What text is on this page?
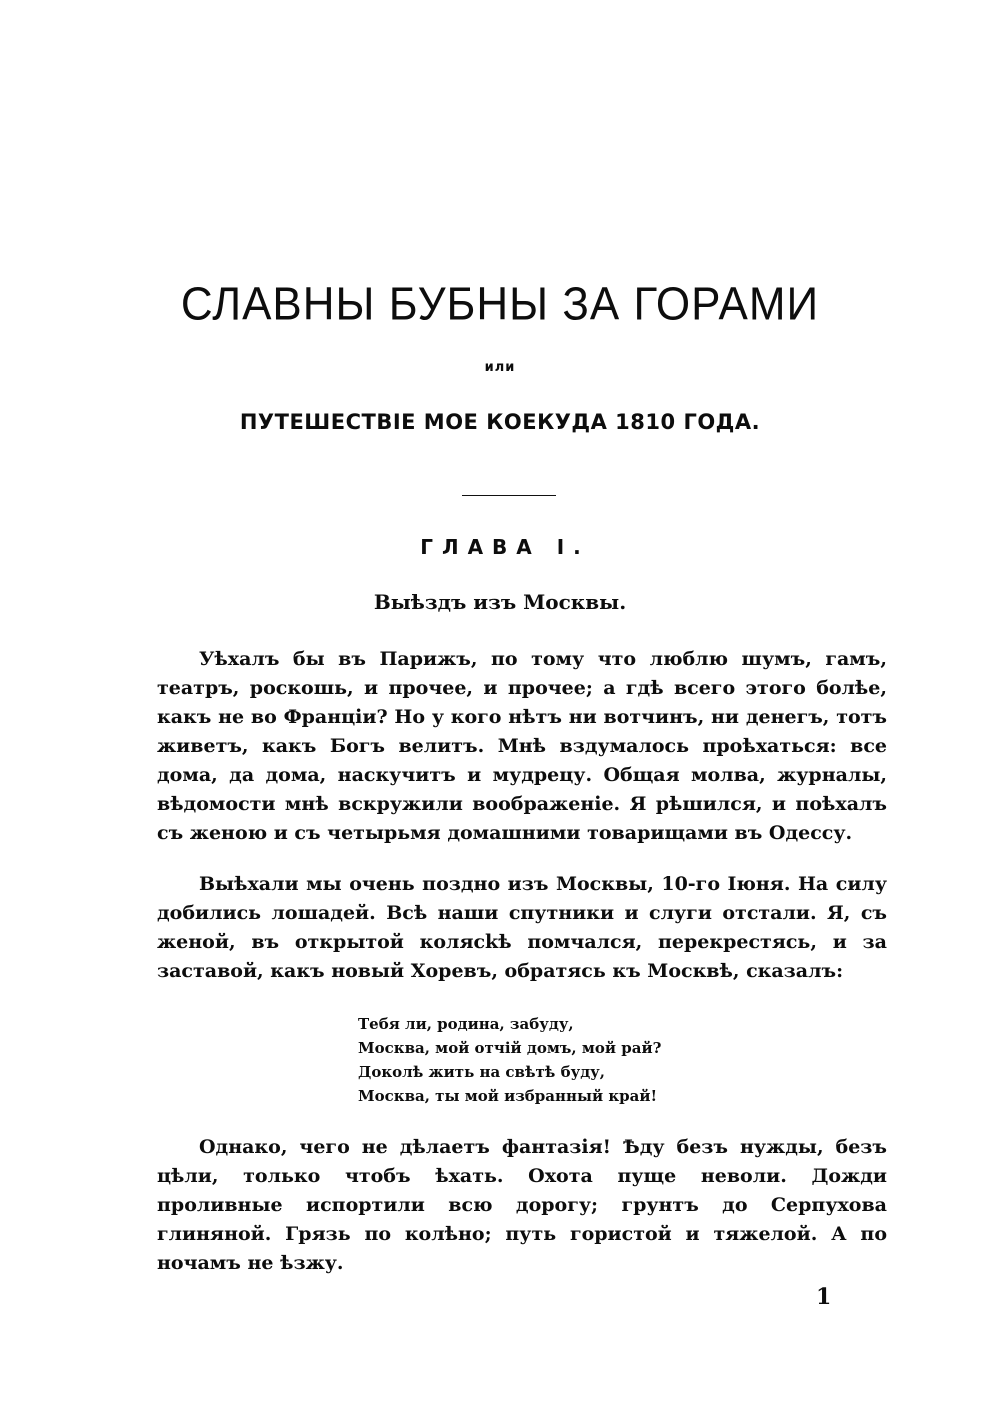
СЛАВНЫ БУБНЫ ЗА ГОРАМИ
или
ПУТЕШЕСТВІЕ МОЕ КОЕКУДА 1810 ГОДА.
ГЛАВА I.
Выѣздъ изъ Москвы.

Уѣхалъ бы въ Парижъ, по тому что люблю шумъ, гамъ, театръ, роскошь, и прочее, и прочее; а гдѣ всего этого болѣе, какъ не во Франціи? Но у кого нѣтъ ни вотчинъ, ни денегъ, тотъ живетъ, какъ Богъ велитъ. Мнѣ вздумалось проѣхаться: все дома, да дома, наскучитъ и мудрецу. Общая молва, журналы, вѣдомости мнѣ вскружили воображеніе. Я рѣшился, и поѣхалъ съ женою и съ четырьмя домашними товарищами въ Одессу.

Выѣхали мы очень поздно изъ Москвы, 10-го Іюня. На силу добились лошадей. Всѣ наши спутники и слуги отстали. Я, съ женой, въ открытой колясkѣ помчался, перекрестясь, и за заставой, какъ новый Хоревъ, обратясь къ Москвѣ, сказалъ:

Тебя ли, родина, забуду,
Москва, мой отчій домъ, мой рай?
Доколѣ жить на свѣтѣ буду,
Москва, ты мой избранный край!

Однако, чего не дѣлаетъ фантазія! Ѣду безъ нужды, безъ цѣли, только чтобъ ѣхать. Охота пуще неволи. Дожди проливные испортили всю дорогу; грунтъ до Серпухова глиняной. Грязь по колѣно; путь гористой и тяжелой. А по ночамъ не ѣзжу.

1
